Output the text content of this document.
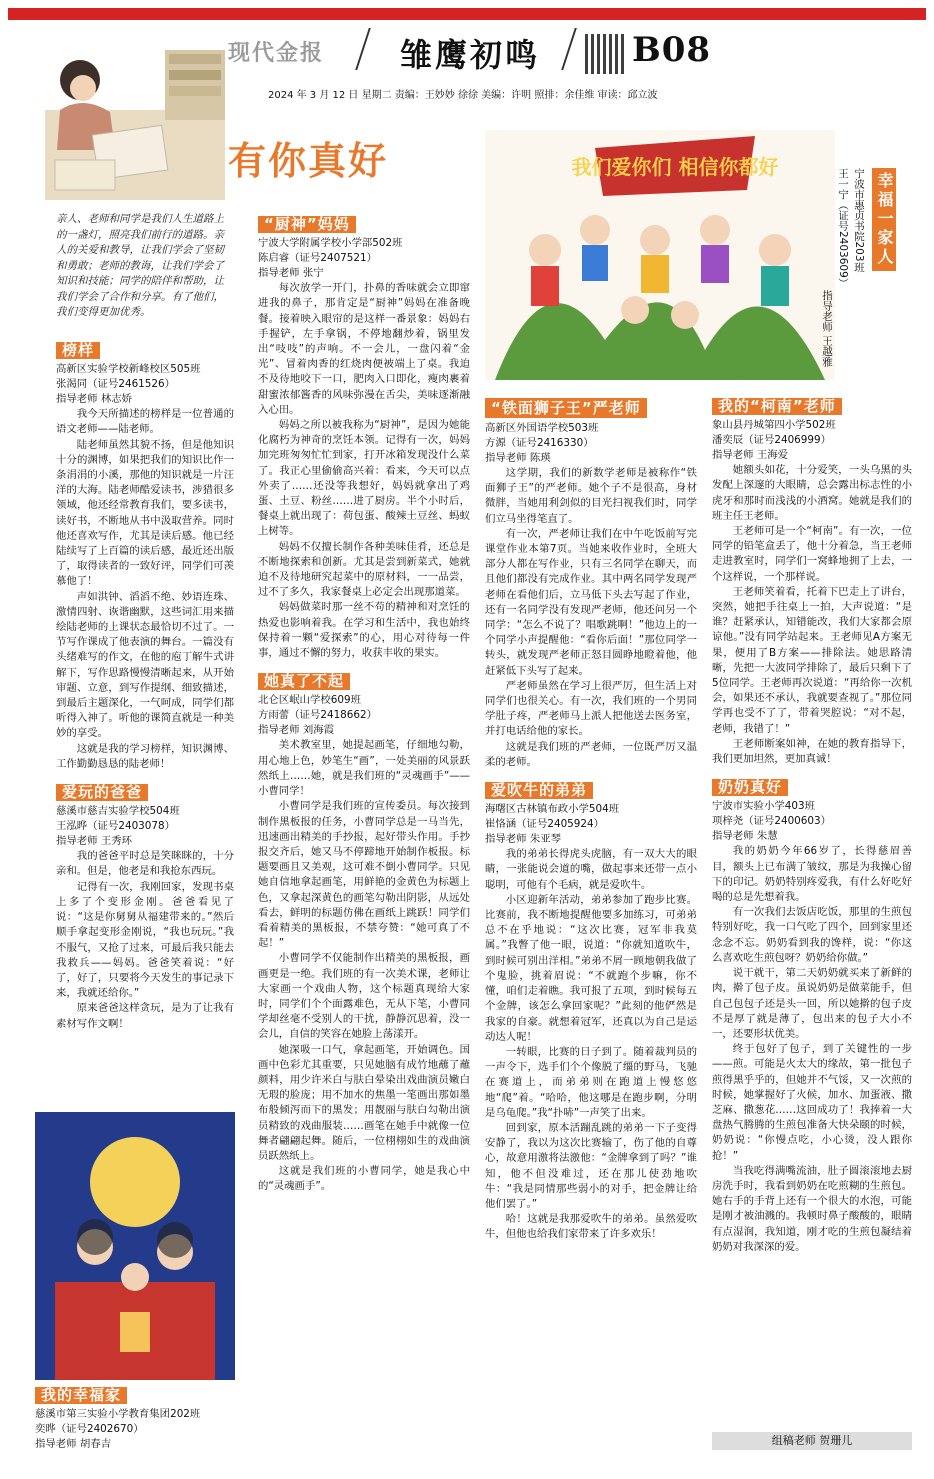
现代金报 雏鹰初鸣	B08
2024 年 3 月 12 日 星期二 责编：王妙妙 徐徐 美编：许明 照排：余佳维 审读：邱立波
有你真好
亲人、老师和同学是我们人生道路上的一盏灯，照亮我们前行的道路。亲人的关爱和教导，让我们学会了坚韧和勇敢；老师的教诲，让我们学会了知识和技能；同学的陪伴和帮助，让我们学会了合作和分享。有了他们，我们变得更加优秀。
榜样
高新区实验学校新峰校区505班
张渴同（证号2461526）
指导老师 林志娇

我今天所描述的榜样是一位普通的语文老师——陆老师。

陆老师虽然其貌不扬，但是他知识十分的渊博，如果把我们的知识比作一条涓涓的小溪，那他的知识就是一片汪洋的大海。陆老师酷爱读书，涉猎很多领域，他还经常教育我们，要多读书，读好书，不断地从书中汲取营养。同时他还喜欢写作，尤其是读后感。他已经陆续写了上百篇的读后感，最近还出版了，取得读者的一致好评，同学们可羡慕他了！

声如洪钟、滔滔不绝、妙语连珠、激情四射、诙谐幽默，这些词汇用来描绘陆老师的上课状态最恰切不过了。一节写作课成了他表演的舞台。一篇没有头绪难写的作文，在他的庖丁解牛式讲解下，写作思路慢慢清晰起来，从开始审题、立意，到写作提纲、细致描述，到最后主题深化，一气呵成，同学们都听得入神了。听他的课简直就是一种美妙的享受。

这就是我的学习榜样，知识渊博、工作勤勤恳恳的陆老师！

爱玩的爸爸
慈溪市慈吉实验学校504班
王泓晔（证号2403078）
指导老师 王秀环

我的爸爸平时总是笑眯眯的，十分亲和。但是，他老是和我抢东西玩。

记得有一次，我刚回家，发现书桌上多了个变形金刚。爸爸看见了说：“这是你舅舅从福建带来的。”然后顺手拿起变形金刚说，“我也玩玩。”我不服气，又抢了过来，可最后我只能去我救兵——妈妈。爸爸笑着说：“好了，好了，只要将今天发生的事记录下来，我就还给你。”

原来爸爸这样贪玩，是为了让我有素材写作文啊！

我的幸福家
慈溪市第三实验小学教育集团202班
奕晔（证号2402670）
指导老师 胡春吉
“厨神”妈妈
宁波大学附属学校小学部502班
陈启睿（证号2407521）
指导老师 张宁

每次放学一开门，扑鼻的香味就会立即窜进我的鼻子，那肯定是“厨神”妈妈在准备晚餐。接着映入眼帘的是这样一番景象：妈妈右手握铲，左手拿锅，不停地翻炒着，锅里发出“吱吱”的声响。不一会儿，一盘闪着“金光”、冒着肉香的红烧肉便被端上了桌。我迫不及待地咬下一口，肥肉入口即化，瘦肉裹着甜蜜浓郁酱香的风味弥漫在舌尖，美味逐渐融入心田。

妈妈之所以被我称为“厨神”，是因为她能化腐朽为神奇的烹饪本领。记得有一次，妈妈加完班匆匆忙忙到家，打开冰箱发现没什么菜了。我正心里偷偷高兴着：看来，今天可以点外卖了……还没等我想好，妈妈就拿出了鸡蛋、土豆、粉丝……进了厨房。半个小时后，餐桌上就出现了：荷包蛋、酸辣土豆丝、蚂蚁上树等。

妈妈不仅擅长制作各种美味佳肴，还总是不断地探索和创新。尤其是尝到新菜式，她就迫不及待地研究起菜中的原材料，一一品尝，过不了多久，我家餐桌上必定会出现那道菜。

妈妈做菜时那一丝不苟的精神和对烹饪的热爱也影响着我。在学习和生活中，我也始终保持着一颗“爱探索”的心，用心对待每一件事，通过不懈的努力，收获丰收的果实。

她真了不起
北仑区岷山学校609班
方雨蕾（证号2418662）
指导老师 刘海霞

美术教室里，她提起画笔，仔细地勾勒，用心地上色，妙笔生“画”，一处美丽的风景跃然纸上……她，就是我们班的“灵魂画手”——小曹同学！

小曹同学是我们班的宣传委员。每次接到制作黑板报的任务，小曹同学总是一马当先，迅速画出精美的手抄报，起好带头作用。手抄报交齐后，她又马不停蹄地开始制作板报。标题要画且又美观，这可难不倒小曹同学。只见她自信地拿起画笔，用鲜艳的金黄色为标题上色，又拿起深黄色的画笔勾勒出阴影，从远处看去，鲜明的标题仿佛在画纸上跳跃！同学们看着精美的黑板报，不禁夸赞：“她可真了不起！”

小曹同学不仅能制作出精美的黑板报，画画更是一绝。我们班的有一次美术课，老师让大家画一个戏曲人物，这个标题真现给大家时，同学们个个面露难色，无从下笔，小曹同学却丝毫不受别人的干扰，静静沉思着，没一会儿，自信的笑容在她脸上荡漾开。

她深吸一口气，拿起画笔，开始调色。国画中色彩尤其重要，只见她脑有成竹地蘸了蘸颜料，用少许米白与肤白晕染出戏曲演员嫩白无瑕的脸庞；用不加水的焦墨一笔画出那如墨布般倾泻而下的黑发；用靓丽与肤白勾勒出演员精致的戏曲服装……画笔在她手中就像一位舞者翩翩起舞。随后，一位栩栩如生的戏曲演员跃然纸上。

这就是我们班的小曹同学，她是我心中的“灵魂画手”。

我们爱你们 相信你都好
幸福一家人
宁波市惠贞书院203班
王一宁（证号2403609）
指导老师 王越雅
“铁面狮子王”严老师
高新区外国语学校503班
方源（证号2416330）
指导老师 陈瑛

这学期，我们的新数学老师是被称作“铁面狮子王”的严老师。她个子不是很高，身材微胖，当她用利剑似的目光扫视我们时，同学们立马坐得笔直了。

有一次，严老师让我们在中午吃饭前写完课堂作业本第7页。当她来收作业时，全班大部分人都在写作业，只有三名同学在聊天，而且他们都没有完成作业。其中两名同学发现严老师在看他们后，立马低下头去写起了作业，还有一名同学没有发现严老师，他还问另一个同学：“怎么不说了？唱歌跳啊！”他边上的一个同学小声提醒他：“看你后面！”那位同学一转头，就发现严老师正怒目圆睁地瞪着他，他赶紧低下头写了起来。

严老师虽然在学习上很严厉，但生活上对同学们也很关心。有一次，我们班的一个男同学肚子疼，严老师马上派人把他送去医务室，并打电话给他的家长。

这就是我们班的严老师，一位既严厉又温柔的老师。

爱吹牛的弟弟
海曙区古林镇布政小学504班
崔恪涵（证号2405924）
指导老师 朱亚琴

我的弟弟长得虎头虎脑，有一双大大的眼睛，一张能说会道的嘴，做起事来还带一点小聪明，可他有个毛病，就是爱吹牛。

小区迎新年活动，弟弟参加了跑步比赛。比赛前，我不断地提醒他要多加练习，可弟弟总不在乎地说：“这次比赛，冠军非我莫属。”我瞥了他一眼，说道：“你就知道吹牛，到时候可别出洋相。”弟弟不屑一顾地朝我做了个鬼脸，挑着眉说：“不就跑个步嘛，你不懂，咱们走着瞧。我可报了五项，到时候每五个金牌，该怎么拿回家呢？”此刻的他俨然是我家的自豪。就想着冠军，还真以为自己是运动达人呢！

一转眼，比赛的日子到了。随着裁判员的一声令下，选手们个个像脱了缰的野马，飞驰在赛道上，而弟弟则在跑道上慢悠悠地“爬”着。“哈哈，他这哪是在跑步啊，分明是乌龟爬。”我“扑哧”一声笑了出来。

回到家，原本活蹦乱跳的弟弟一下子变得安静了，我以为这次比赛输了，伤了他的自尊心，故意用激将法激他：“金牌拿到了吗？”谁知，他不但没难过，还在那儿使劲地吹牛：“我是同情那些弱小的对手，把金牌让给他们罢了。”

哈！这就是我那爱吹牛的弟弟。虽然爱吹牛，但他也给我们家带来了许多欢乐！

我的“柯南”老师
象山县丹城第四小学502班
潘奕辰（证号2406999）
指导老师 王海爱

她额头如花，十分爱笑，一头乌黑的头发配上深邃的大眼睛，总会露出标志性的小虎牙和那时而浅浅的小酒窝。她就是我们的班主任王老师。

王老师可是一个“柯南”。有一次，一位同学的铅笔盒丢了，他十分着急，当王老师走进教室时，同学们一窝蜂地拥了上去，一个这样说，一个那样说。

王老师笑着看，托着下巴走上了讲台，突然，她把手往桌上一拍，大声说道：“是谁？赶紧承认，知错能改，我们大家都会原谅他。”没有同学站起来。王老师见A方案无果，便用了B方案——排除法。她思路清晰，先把一大波同学排除了，最后只剩下了5位同学。王老师再次说道：“再给你一次机会，如果还不承认，我就要查视了。”那位同学再也受不了了，带着哭腔说：“对不起，老师，我错了！”

王老师断案如神，在她的教育指导下，我们更加坦然，更加真诚！

奶奶真好
宁波市实验小学403班
项梓尧（证号2400603）
指导老师 朱慧

我的奶奶今年66岁了，长得慈眉善目，额头上已布满了皱纹，那是为我操心留下的印记。奶奶特别疼爱我，有什么好吃好喝的总是先想着我。

有一次我们去饭店吃饭，那里的生煎包特别好吃，我一口气吃了四个，回到家里还念念不忘。奶奶看到我的馋样，说：“你这么喜欢吃生煎包呀？奶奶给你做。”

说干就干，第二天奶奶就买来了新鲜的肉，擀了包子皮。虽说奶奶是做菜能手，但自己包包子还是头一回，所以她擀的包子皮不是厚了就是薄了，包出来的包子大小不一，还要形状优美。

终于包好了包子，到了关键性的一步——煎。可能是火太大的缘故，第一批包子煎得黑乎乎的，但她并不气馁，又一次煎的时候，她掌握好了火候，加水、加蛋液、撒芝麻、撒葱花……这回成功了！我捧着一大盘热气腾腾的生煎包准备大快朵颐的时候，奶奶说：“你慢点吃，小心烫，没人跟你抢！”

当我吃得满嘴流油，肚子圆滚滚地去厨房洗手时，我看到奶奶在吃煎糊的生煎包。她右手的手背上还有一个很大的水泡，可能是刚才被油溅的。我顿时鼻子酸酸的，眼睛有点湿润，我知道，刚才吃的生煎包凝结着奶奶对我深深的爱。

组稿老师 贺珊儿
